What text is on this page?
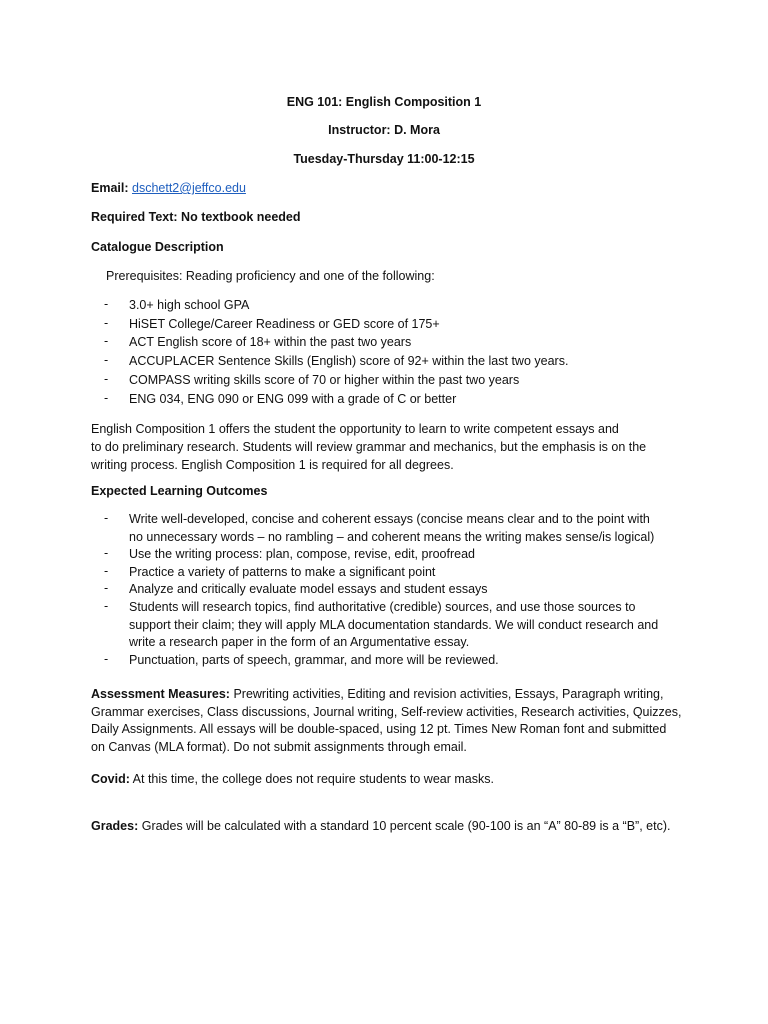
ENG 101: English Composition 1
Instructor: D. Mora
Tuesday-Thursday 11:00-12:15
Email: dschett2@jeffco.edu
Required Text: No textbook needed
Catalogue Description
Prerequisites: Reading proficiency and one of the following:
- 3.0+ high school GPA
- HiSET College/Career Readiness or GED score of 175+
- ACT English score of 18+ within the past two years
- ACCUPLACER Sentence Skills (English) score of 92+ within the last two years.
- COMPASS writing skills score of 70 or higher within the past two years
- ENG 034, ENG 090 or ENG 099 with a grade of C or better
English Composition 1 offers the student the opportunity to learn to write competent essays and
to do preliminary research. Students will review grammar and mechanics, but the emphasis is on the
writing process. English Composition 1 is required for all degrees.
Expected Learning Outcomes
- Write well-developed, concise and coherent essays (concise means clear and to the point with
no unnecessary words – no rambling – and coherent means the writing makes sense/is logical)
- Use the writing process: plan, compose, revise, edit, proofread
- Practice a variety of patterns to make a significant point
- Analyze and critically evaluate model essays and student essays
- Students will research topics, find authoritative (credible) sources, and use those sources to
support their claim; they will apply MLA documentation standards. We will conduct research and
write a research paper in the form of an Argumentative essay.
- Punctuation, parts of speech, grammar, and more will be reviewed.
Assessment Measures: Prewriting activities, Editing and revision activities, Essays, Paragraph writing,
Grammar exercises, Class discussions, Journal writing, Self-review activities, Research activities, Quizzes,
Daily Assignments. All essays will be double-spaced, using 12 pt. Times New Roman font and submitted
on Canvas (MLA format). Do not submit assignments through email.
Covid: At this time, the college does not require students to wear masks.
Grades: Grades will be calculated with a standard 10 percent scale (90-100 is an “A” 80-89 is a “B”, etc).
